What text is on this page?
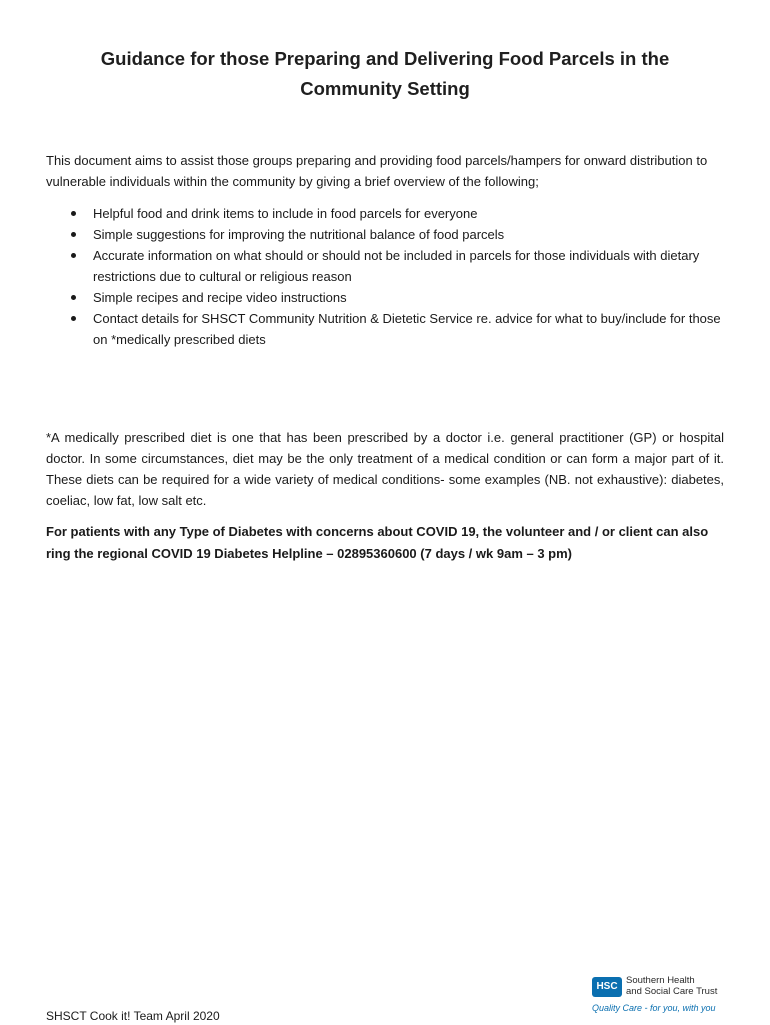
Guidance for those Preparing and Delivering Food Parcels in the
Community Setting

This document aims to assist those groups preparing and providing food parcels/hampers for onward distribution to vulnerable individuals within the community by giving a brief overview of the following;

Helpful food and drink items to include in food parcels for everyone
Simple suggestions for improving the nutritional balance of food parcels
Accurate information on what should or should not be included in parcels for those individuals with dietary restrictions due to cultural or religious reason
Simple recipes and recipe video instructions
Contact details for SHSCT Community Nutrition & Dietetic Service re. advice for what to buy/include for those on *medically prescribed diets

*A medically prescribed diet is one that has been prescribed by a doctor i.e. general practitioner (GP) or hospital doctor. In some circumstances, diet may be the only treatment of a medical condition or can form a major part of it. These diets can be required for a wide variety of medical conditions- some examples (NB. not exhaustive): diabetes, coeliac, low fat, low salt etc.

For patients with any Type of Diabetes with concerns about COVID 19, the volunteer and / or client can also ring the regional COVID 19 Diabetes Helpline – 02895360600 (7 days / wk 9am – 3 pm)

SHSCT Cook it! Team April 2020
HSC
Southern Health
and Social Care Trust
Quality Care - for you, with you
